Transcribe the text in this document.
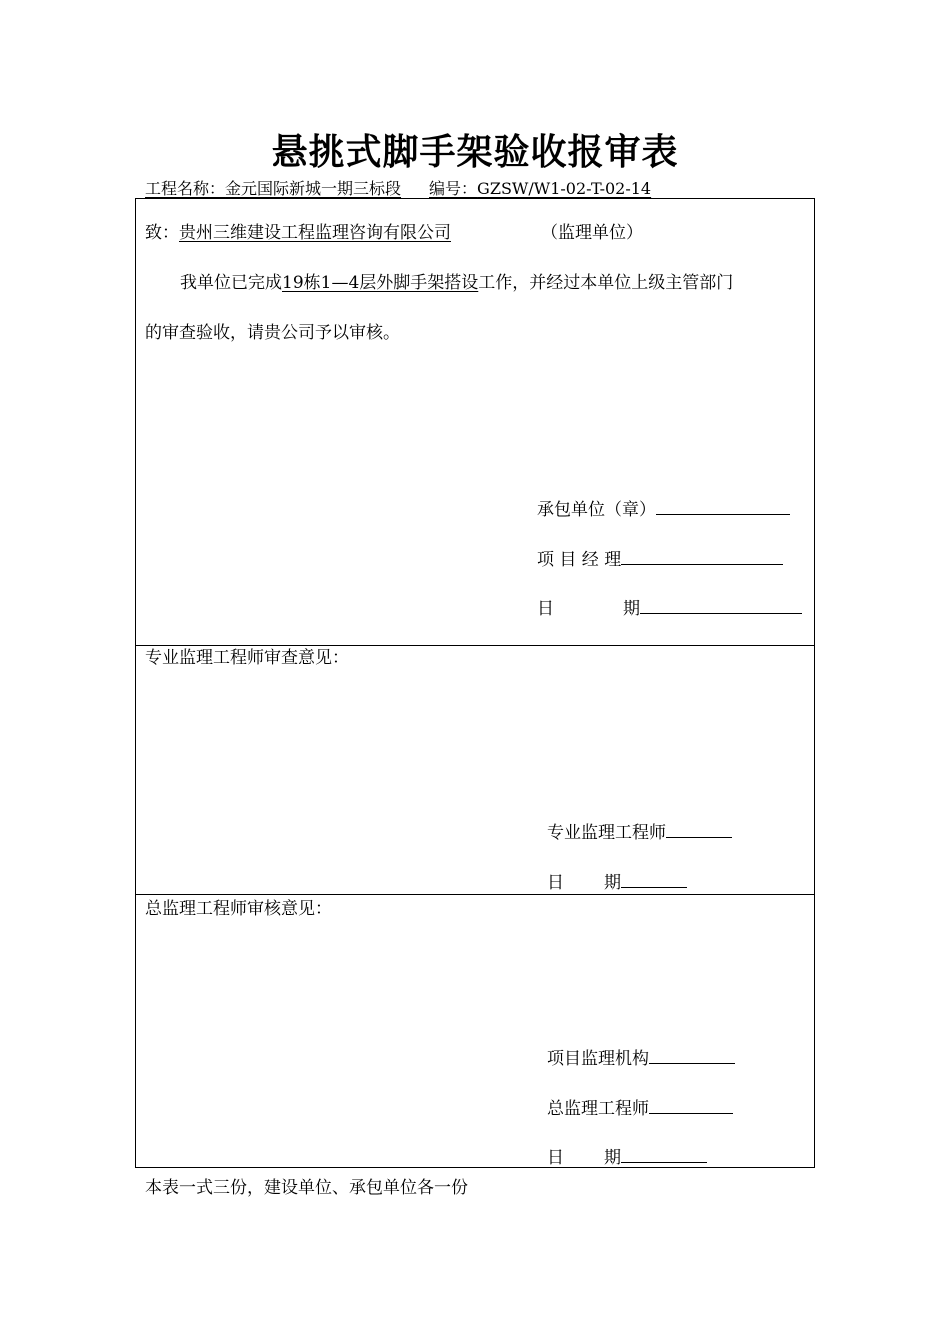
悬挑式脚手架验收报审表
工程名称：金元国际新城一期三标段 编号：GZSW/W1-02-T-02-14
致：贵州三维建设工程监理咨询有限公司	（监理单位）
我单位已完成19栋1—4层外脚手架搭设工作，并经过本单位上级主管部门
的审查验收，请贵公司予以审核。
承包单位（章）
项 目 经 理
日	期
专业监理工程师审查意见：
专业监理工程师
日 期
总监理工程师审核意见：
项目监理机构
总监理工程师
日 期
本表一式三份，建设单位、承包单位各一份
